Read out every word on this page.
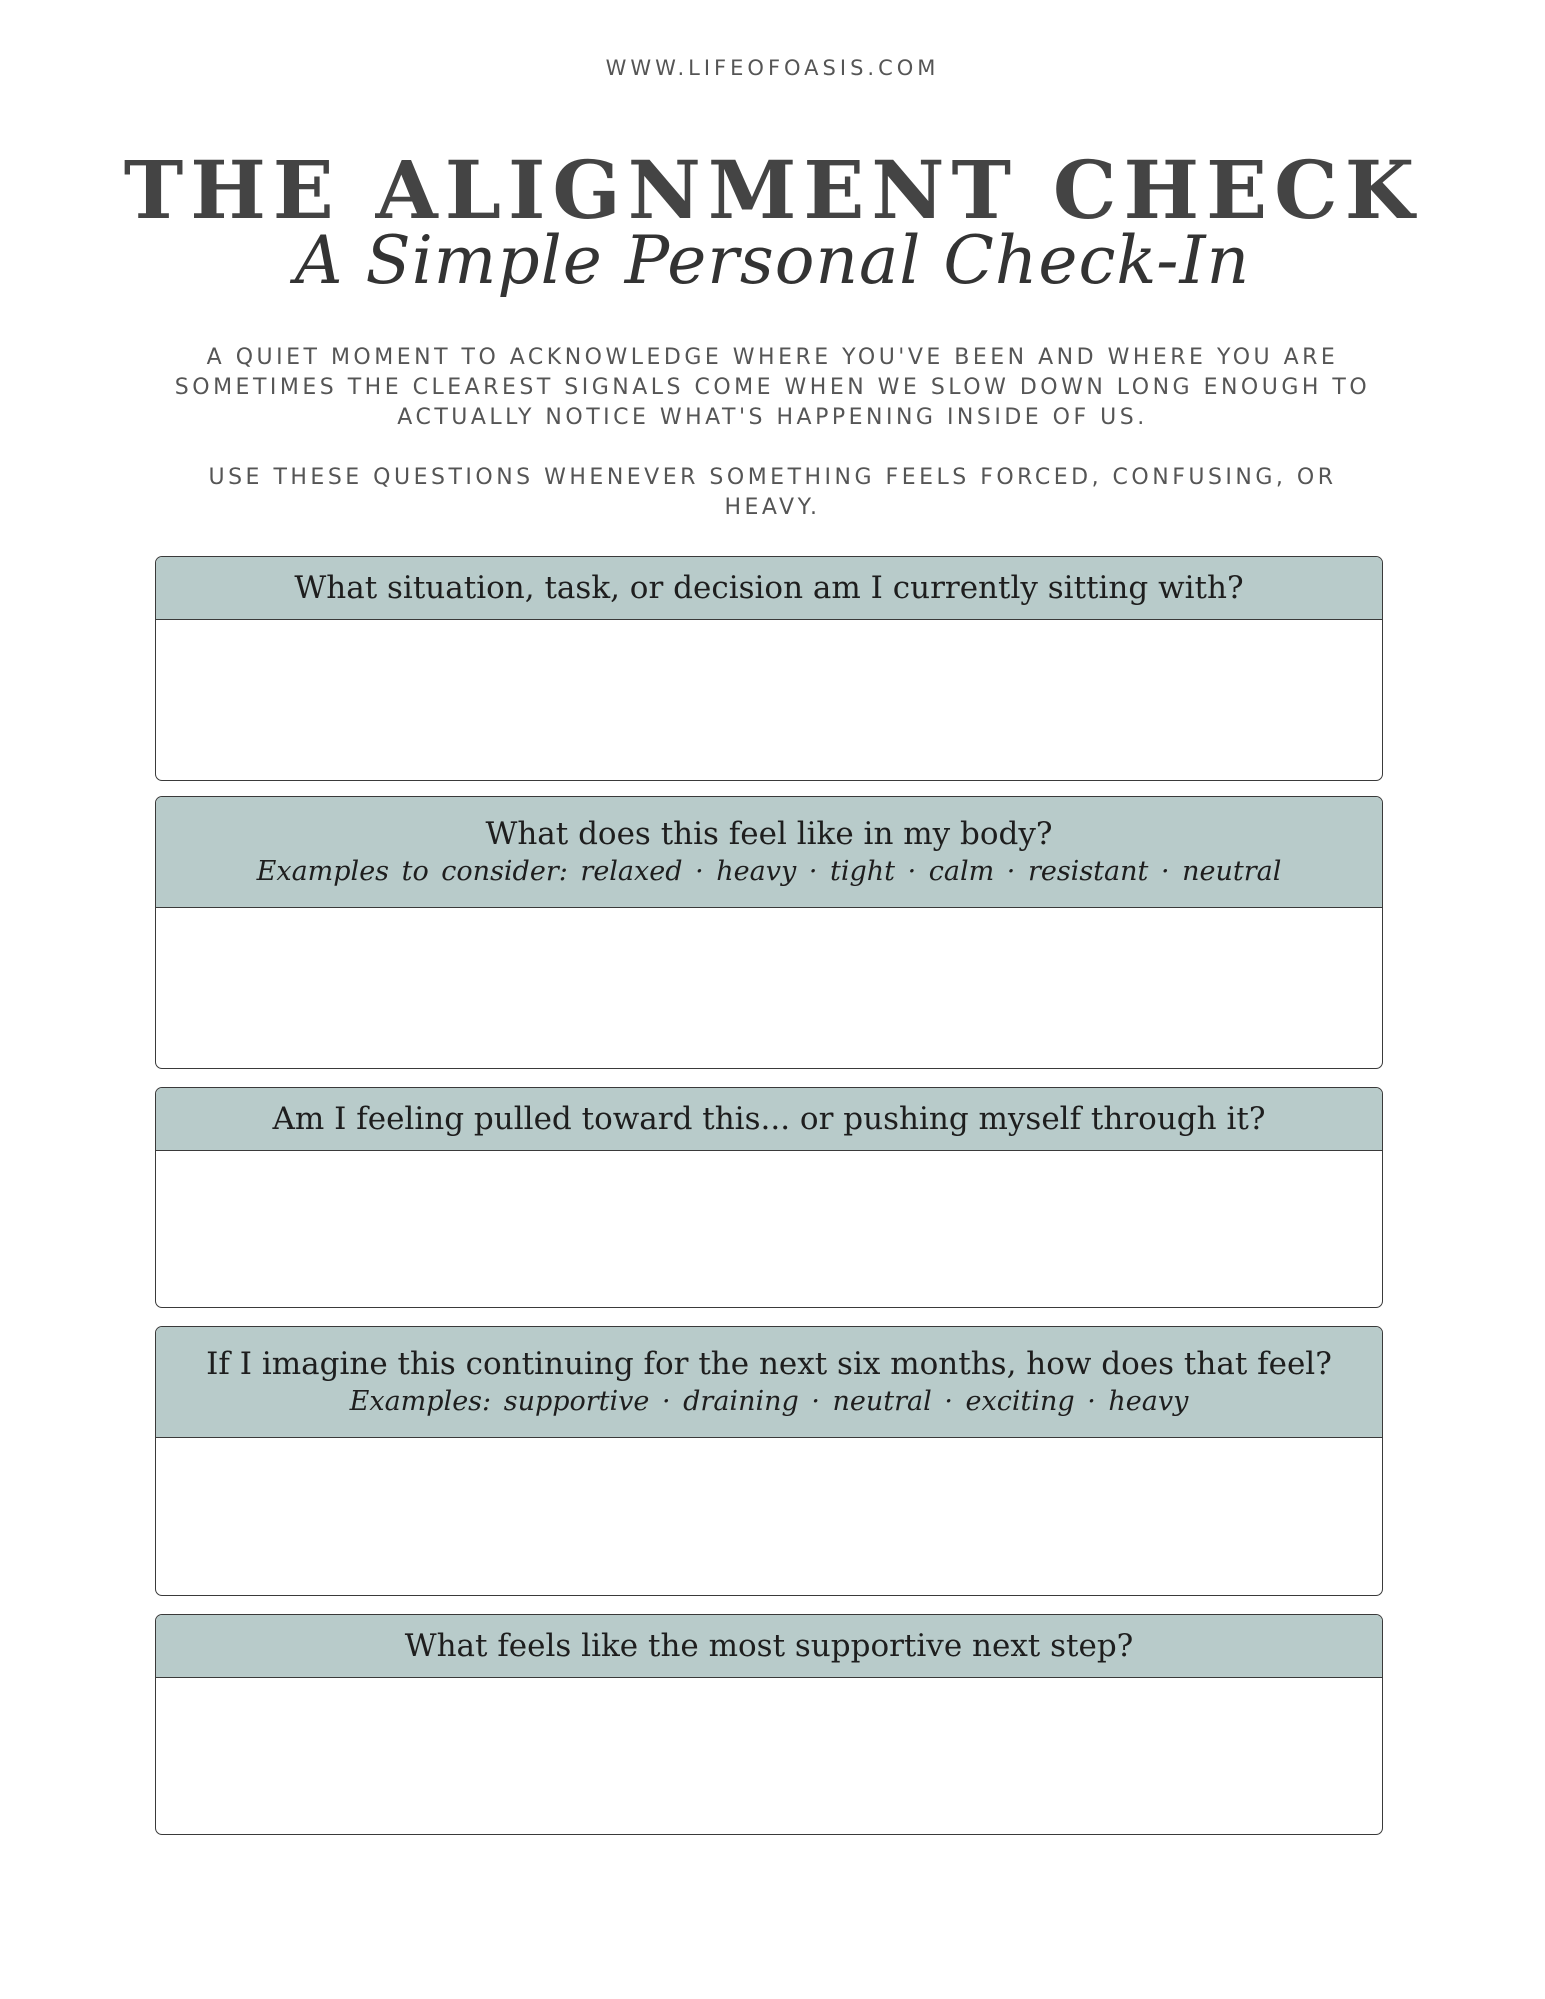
WWW.LIFEOFOASIS.COM
THE ALIGNMENT CHECK
A Simple Personal Check-In
A QUIET MOMENT TO ACKNOWLEDGE WHERE YOU'VE BEEN AND WHERE YOU ARE SOMETIMES THE CLEAREST SIGNALS COME WHEN WE SLOW DOWN LONG ENOUGH TO ACTUALLY NOTICE WHAT'S HAPPENING INSIDE OF US.
USE THESE QUESTIONS WHENEVER SOMETHING FEELS FORCED, CONFUSING, OR HEAVY.
What situation, task, or decision am I currently sitting with?
What does this feel like in my body?
Examples to consider: relaxed · heavy · tight · calm · resistant · neutral
Am I feeling pulled toward this... or pushing myself through it?
If I imagine this continuing for the next six months, how does that feel?
Examples: supportive · draining · neutral · exciting · heavy
What feels like the most supportive next step?
